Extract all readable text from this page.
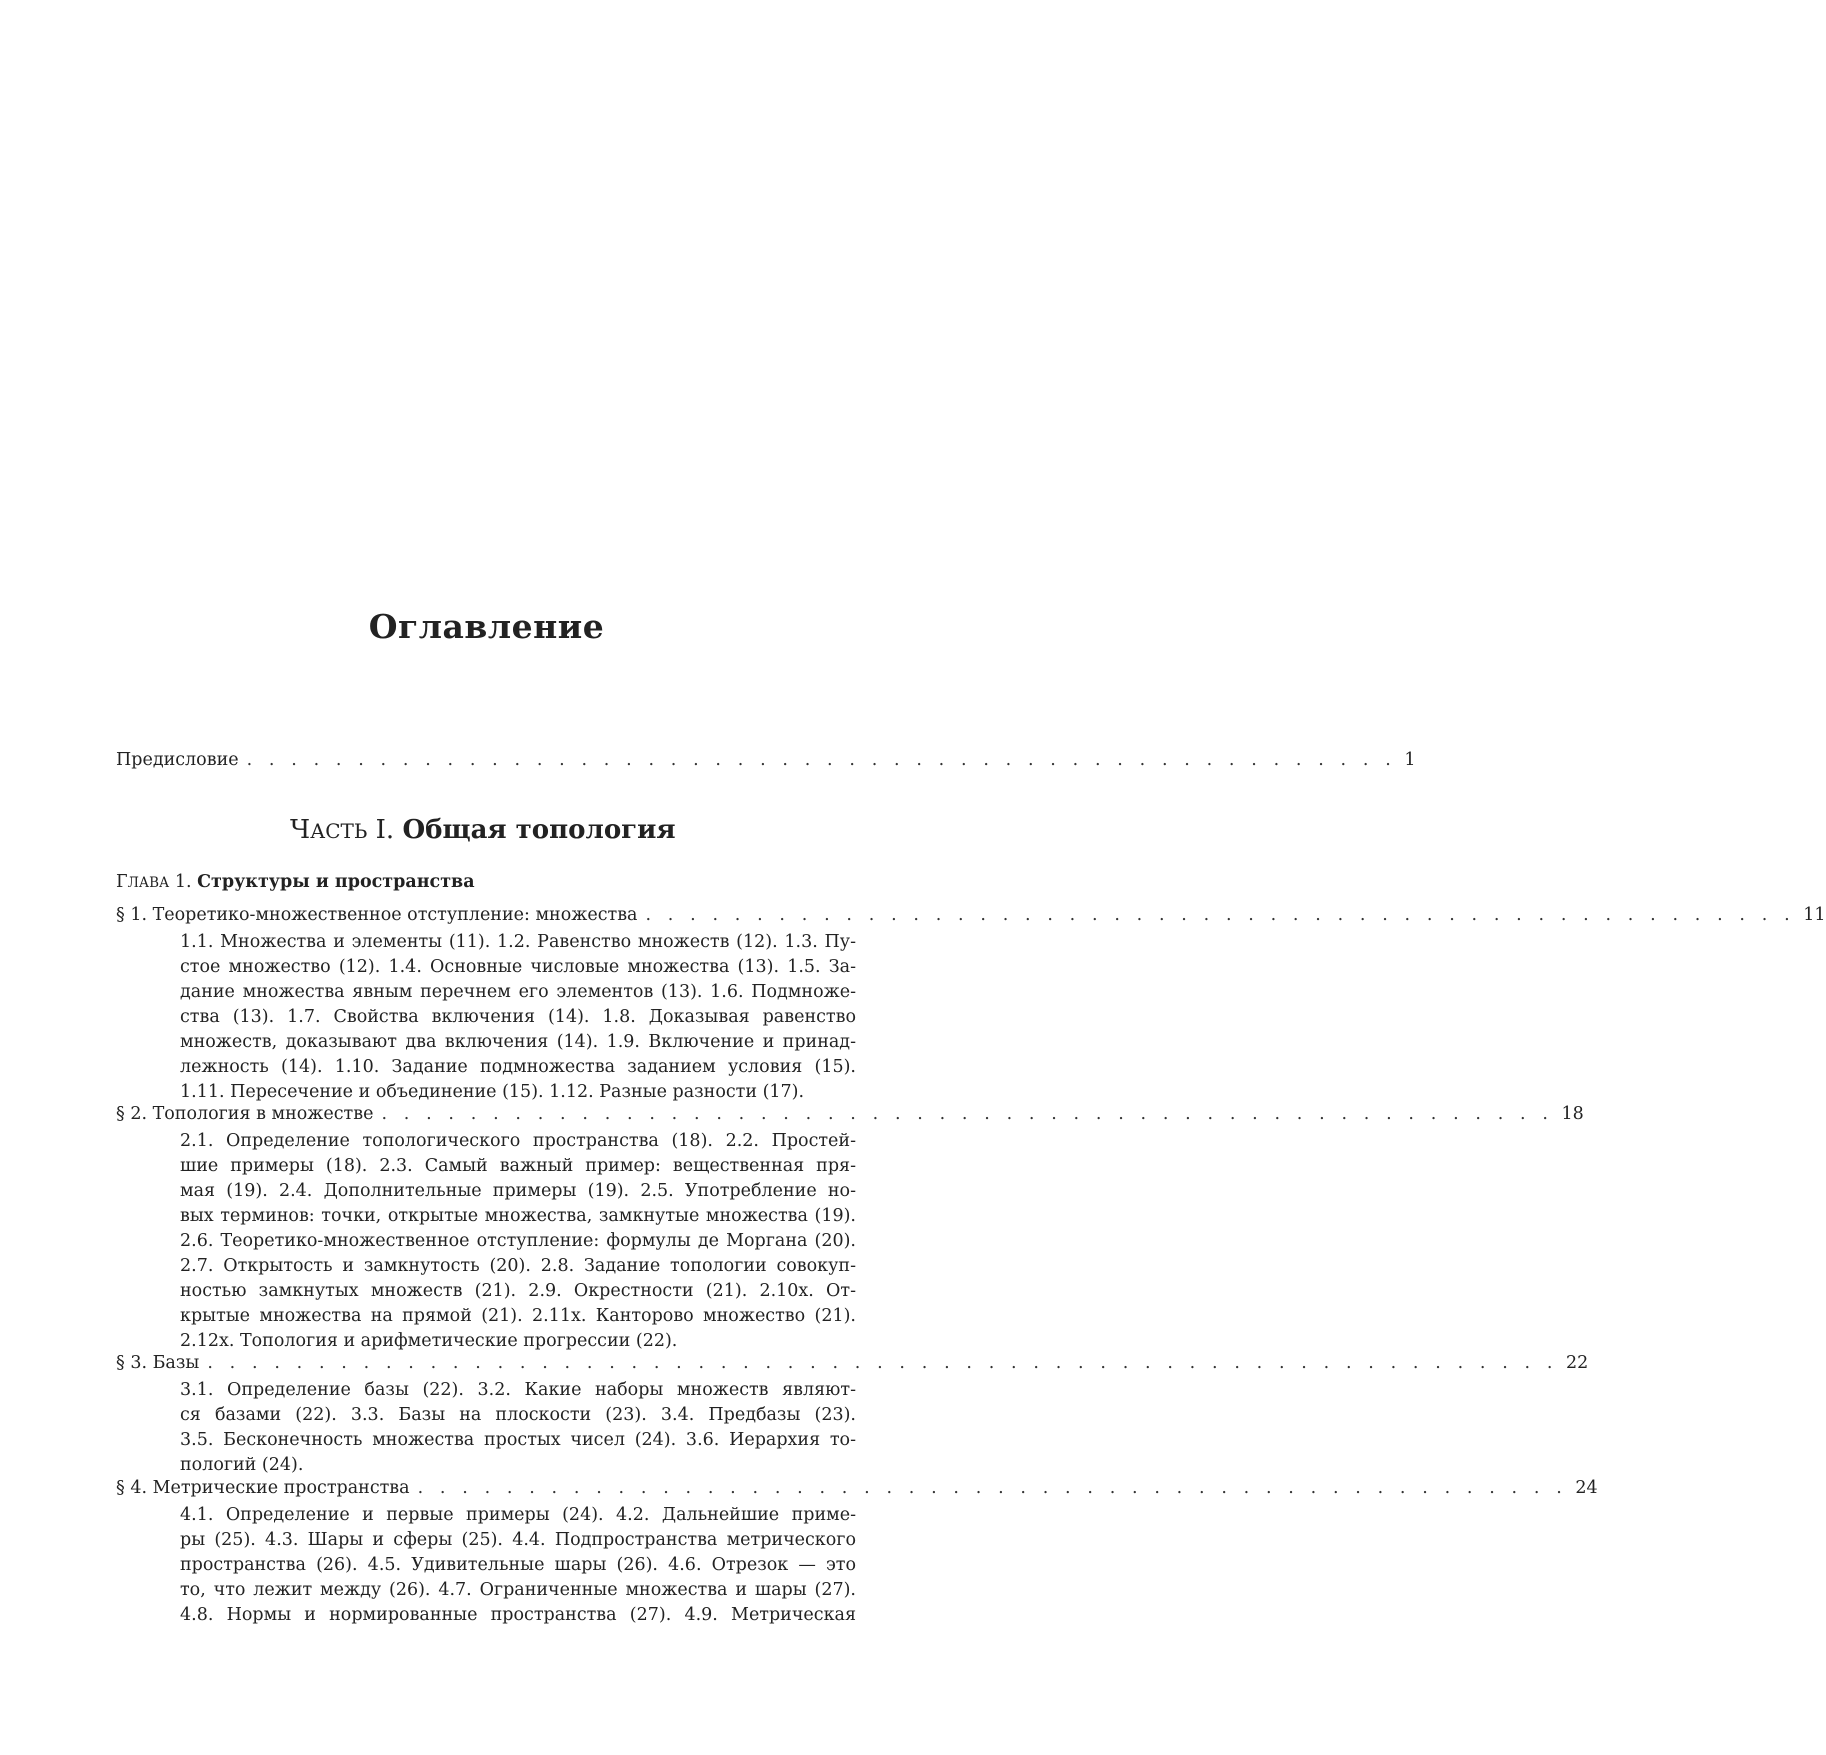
Оглавление
Предисловие . . . . . . . . . . . . . . . . . . . . . . . . . . . . . . . . . . . . . . . . . . . . . . . . . . . . 1
ЧАСТЬ I. Общая топология
ГЛАВА 1. Структуры и пространства
§ 1. Теоретико-множественное отступление: множества . . . . . . . . . . . . . . . . . . . . . . . . . . . . . . . . . . . . . . . . . . . . . . . . . . . . 11
1.1. Множества и элементы (11). 1.2. Равенство множеств (12). 1.3. Пу-
стое множество (12). 1.4. Основные числовые множества (13). 1.5. За-
дание множества явным перечнем его элементов (13). 1.6. Подмноже-
ства (13). 1.7. Свойства включения (14). 1.8. Доказывая равенство
множеств, доказывают два включения (14). 1.9. Включение и принад-
лежность (14). 1.10. Задание подмножества заданием условия (15).
1.11. Пересечение и объединение (15). 1.12. Разные разности (17).
§ 2. Топология в множестве . . . . . . . . . . . . . . . . . . . . . . . . . . . . . . . . . . . . . . . . . . . . . . . . . . . . . 18
2.1. Определение топологического пространства (18). 2.2. Простей-
шие примеры (18). 2.3. Самый важный пример: вещественная пря-
мая (19). 2.4. Дополнительные примеры (19). 2.5. Употребление но-
вых терминов: точки, открытые множества, замкнутые множества (19).
2.6. Теоретико-множественное отступление: формулы де Моргана (20).
2.7. Открытость и замкнутость (20). 2.8. Задание топологии совокуп-
ностью замкнутых множеств (21). 2.9. Окрестности (21). 2.10x. От-
крытые множества на прямой (21). 2.11x. Канторово множество (21).
2.12x. Топология и арифметические прогрессии (22).
§ 3. Базы . . . . . . . . . . . . . . . . . . . . . . . . . . . . . . . . . . . . . . . . . . . . . . . . . . . . . . . . . . . . . 22
3.1. Определение базы (22). 3.2. Какие наборы множеств являют-
ся базами (22). 3.3. Базы на плоскости (23). 3.4. Предбазы (23).
3.5. Бесконечность множества простых чисел (24). 3.6. Иерархия то-
пологий (24).
§ 4. Метрические пространства . . . . . . . . . . . . . . . . . . . . . . . . . . . . . . . . . . . . . . . . . . . . . . . . . . . . 24
4.1. Определение и первые примеры (24). 4.2. Дальнейшие приме-
ры (25). 4.3. Шары и сферы (25). 4.4. Подпространства метрического
пространства (26). 4.5. Удивительные шары (26). 4.6. Отрезок — это
то, что лежит между (26). 4.7. Ограниченные множества и шары (27).
4.8. Нормы и нормированные пространства (27). 4.9. Метрическая
